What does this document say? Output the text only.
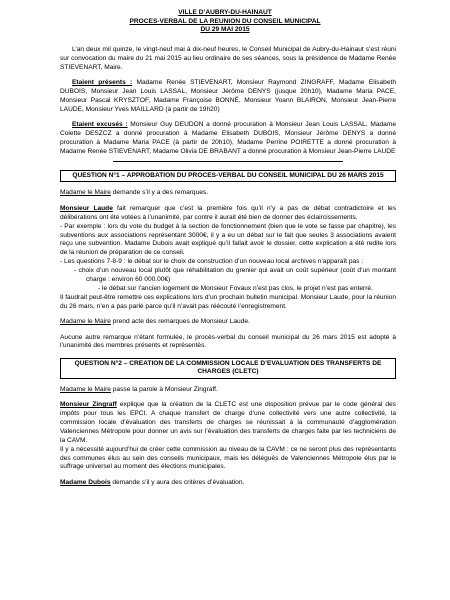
VILLE D’AUBRY-DU-HAINAUT
PROCES-VERBAL DE LA REUNION DU CONSEIL MUNICIPAL
DU 29 MAI 2015

L’an deux mil quinze, le vingt-neuf mai à dix-neuf heures, le Conseil Municipal de Aubry-du-Hainaut s’est réuni sur convocation du maire du 21 mai 2015 au lieu ordinaire de ses séances, sous la présidence de Madame Renée STIEVENART, Maire.

Etaient présents : Madame Renée STIEVENART, Monsieur Raymond ZINGRAFF, Madame Elisabeth DUBOIS, Monsieur Jean Louis LASSAL, Monsieur Jérôme DENYS (jusque 20h10), Madame Maria PACE, Monsieur Pascal KRYSZTOF, Madame Françoise BONNÉ, Monsieur Yoann BLAIRON, Monsieur Jean-Pierre LAUDE, Monsieur Yves MAILLARD (à partir de 19h20)

Etaient excusés : Monsieur Guy DEUDON a donné procuration à Monsieur Jean Louis LASSAL, Madame Colette DESZCZ a donné procuration à Madame Elisabeth DUBOIS, Monsieur Jérôme DENYS a donné procuration à Madame Maria PACE (à partir de 20h10), Madame Perrine POIRETTE a donné procuration à Madame Renée STIEVENART, Madame Olivia DE BRABANT a donné procuration à Monsieur Jean-Pierre LAUDE

QUESTION N°1 – APPROBATION DU PROCES-VERBAL DU CONSEIL MUNICIPAL DU 26 MARS 2015

Madame le Maire demande s’il y a des remarques.

Monsieur Laude fait remarquer que c’est la première fois qu’il n’y a pas de débat contradictoire et les délibérations ont été votées à l’unanimité, par contre il aurait été bien de donner des éclaircissements.

- Par exemple : lors du vote du budget à la section de fonctionnement (bien que le vote se fasse par chapitre), les subventions aux associations représentant 3000€, il y a eu un débat sur le fait que seules 3 associations avaient reçu une subvention. Madame Dubois avait expliqué qu’il fallait avoir le dossier, cette explication a été redite lors de la réunion de préparation de ce conseil.

- Les questions 7-8-9 : le débat sur le choix de construction d’un nouveau local archives n’apparaît pas :

- choix d’un nouveau local plutôt que réhabilitation du grenier qui avait un coût supérieur (coût d’un montant charge : environ 60 000.00€)

- le débat sur l’ancien logement de Monsieur Fovaux n’est pas clos, le projet n’est pas enterré.

Il faudrait peut-être remettre ces explications lors d’un prochain bulletin municipal. Monsieur Laude, pour la réunion du 26 mars, n’en a pas parlé parce qu’il n’avait pas réécouté l’enregistrement.

Madame le Maire prend acte des remarques de Monsieur Laude.

Aucune autre remarque n’étant formulée, le procès-verbal du conseil municipal du 26 mars 2015 est adopté à l’unanimité des membres présents et représentés.

QUESTION N°2 – CREATION DE LA COMMISSION LOCALE D’EVALUATION DES TRANSFERTS DE CHARGES (CLETC)

Madame le Maire passe la parole à Monsieur Zingraff.

Monsieur Zingraff explique que la création de la CLETC est une disposition prévue par le code général des impôts pour tous les EPCI. A chaque transfert de charge d’une collectivité vers une autre collectivité, la commission locale d’évaluation des transferts de charges se réunissait à la communauté d’agglomération Valenciennes Métropole pour donner un avis sur l’évaluation des transferts de charges faite par les techniciens de la CAVM.

Il y a nécessité aujourd’hui de créer cette commission au niveau de la CAVM : ce ne seront plus des représentants des communes élus au sein des conseils municipaux, mais les délégués de Valenciennes Métropole élus par le suffrage universel au moment des élections municipales.

Madame Dubois demande s’il y aura des critères d’évaluation.
